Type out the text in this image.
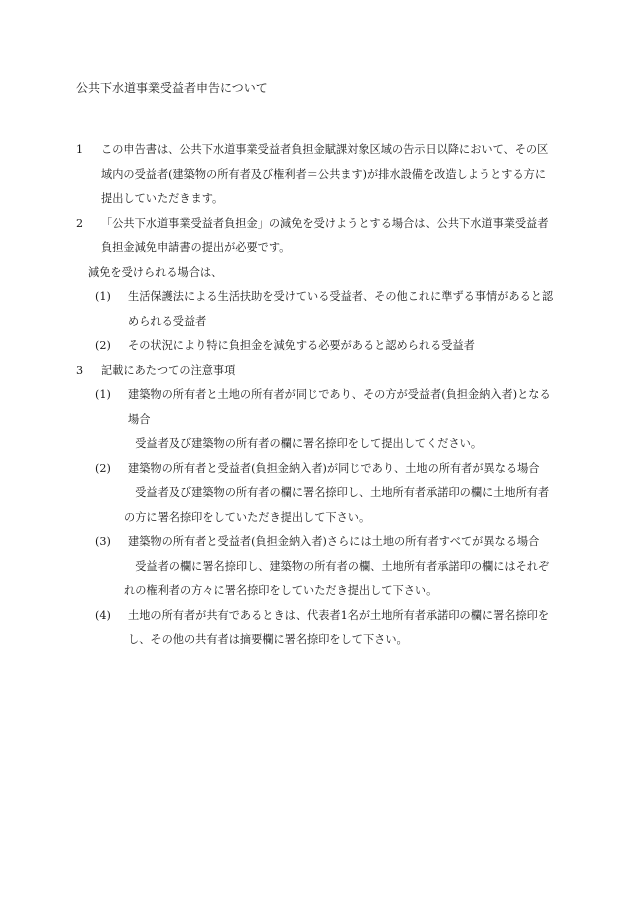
公共下水道事業受益者申告について
1	この申告書は、公共下水道事業受益者負担金賦課対象区域の告示日以降において、その区域内の受益者(建築物の所有者及び権利者＝公共ます)が排水設備を改造しようとする方に提出していただきます。
2	「公共下水道事業受益者負担金」の減免を受けようとする場合は、公共下水道事業受益者負担金減免申請書の提出が必要です。
減免を受けられる場合は、
(1)	生活保護法による生活扶助を受けている受益者、その他これに準ずる事情があると認められる受益者
(2)	その状況により特に負担金を減免する必要があると認められる受益者
3	記載にあたつての注意事項
(1)	建築物の所有者と土地の所有者が同じであり、その方が受益者(負担金納入者)となる場合
受益者及び建築物の所有者の欄に署名捺印をして提出してください。
(2)	建築物の所有者と受益者(負担金納入者)が同じであり、土地の所有者が異なる場合
受益者及び建築物の所有者の欄に署名捺印し、土地所有者承諾印の欄に土地所有者の方に署名捺印をしていただき提出して下さい。
(3)	建築物の所有者と受益者(負担金納入者)さらには土地の所有者すべてが異なる場合
受益者の欄に署名捺印し、建築物の所有者の欄、土地所有者承諾印の欄にはそれぞれの権利者の方々に署名捺印をしていただき提出して下さい。
(4)	土地の所有者が共有であるときは、代表者1名が土地所有者承諾印の欄に署名捺印をし、その他の共有者は摘要欄に署名捺印をして下さい。
